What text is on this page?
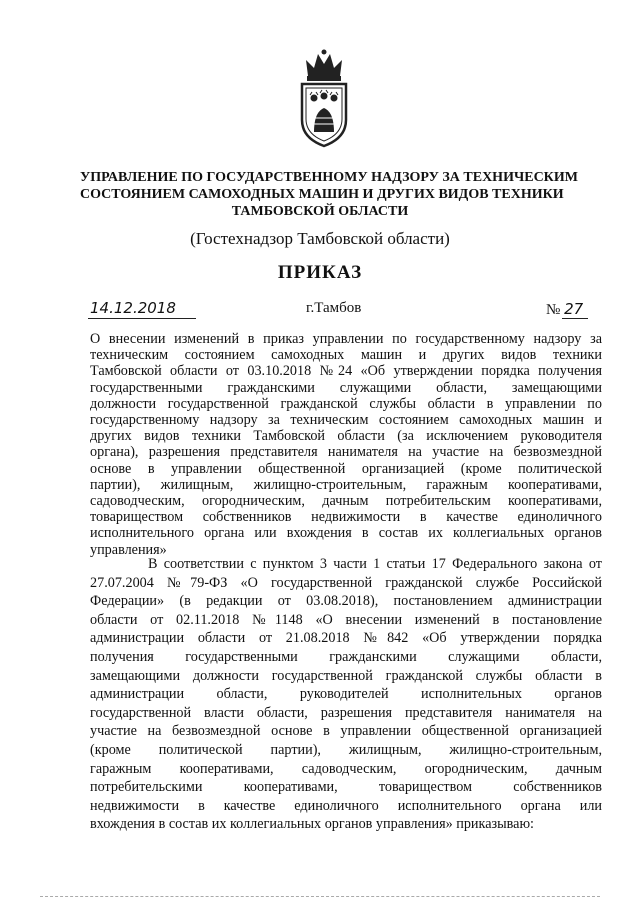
УПРАВЛЕНИЕ ПО ГОСУДАРСТВЕННОМУ НАДЗОРУ ЗА ТЕХНИЧЕСКИМ
СОСТОЯНИЕМ САМОХОДНЫХ МАШИН И ДРУГИХ ВИДОВ ТЕХНИКИ
ТАМБОВСКОЙ ОБЛАСТИ
(Гостехнадзор Тамбовской области)
ПРИКАЗ
14.12.2018	г.Тамбов	№ 27
О внесении изменений в приказ управлении по государственному надзору за
техническим состоянием самоходных машин и других видов техники
Тамбовской области от 03.10.2018 №24 «Об утверждении порядка получения
государственными гражданскими служащими области, замещающими
должности государственной гражданской службы области в управлении по
государственному надзору за техническим состоянием самоходных машин и
других видов техники Тамбовской области (за исключением руководителя
органа), разрешения представителя нанимателя на участие на безвозмездной
основе в управлении общественной организацией (кроме политической
партии), жилищным, жилищно-строительным, гаражным кооперативами,
садоводческим, огородническим, дачным потребительским кооперативами,
товариществом собственников недвижимости в качестве единоличного
исполнительного органа или вхождения в состав их коллегиальных органов
управления»
В соответствии с пунктом 3 части 1 статьи 17 Федерального закона от
27.07.2004 №79-ФЗ «О государственной гражданской службе Российской
Федерации» (в редакции от 03.08.2018), постановлением администрации
области от 02.11.2018 №1148 «О внесении изменений в постановление
администрации области от 21.08.2018 №842 «Об утверждении порядка
получения государственными гражданскими служащими области,
замещающими должности государственной гражданской службы области в
администрации области, руководителей исполнительных органов
государственной власти области, разрешения представителя нанимателя на
участие на безвозмездной основе в управлении общественной организацией
(кроме политической партии), жилищным, жилищно-строительным,
гаражным кооперативами, садоводческим, огородническим, дачным
потребительскими кооперативами, товариществом собственников
недвижимости в качестве единоличного исполнительного органа или
вхождения в состав их коллегиальных органов управления» приказываю:
